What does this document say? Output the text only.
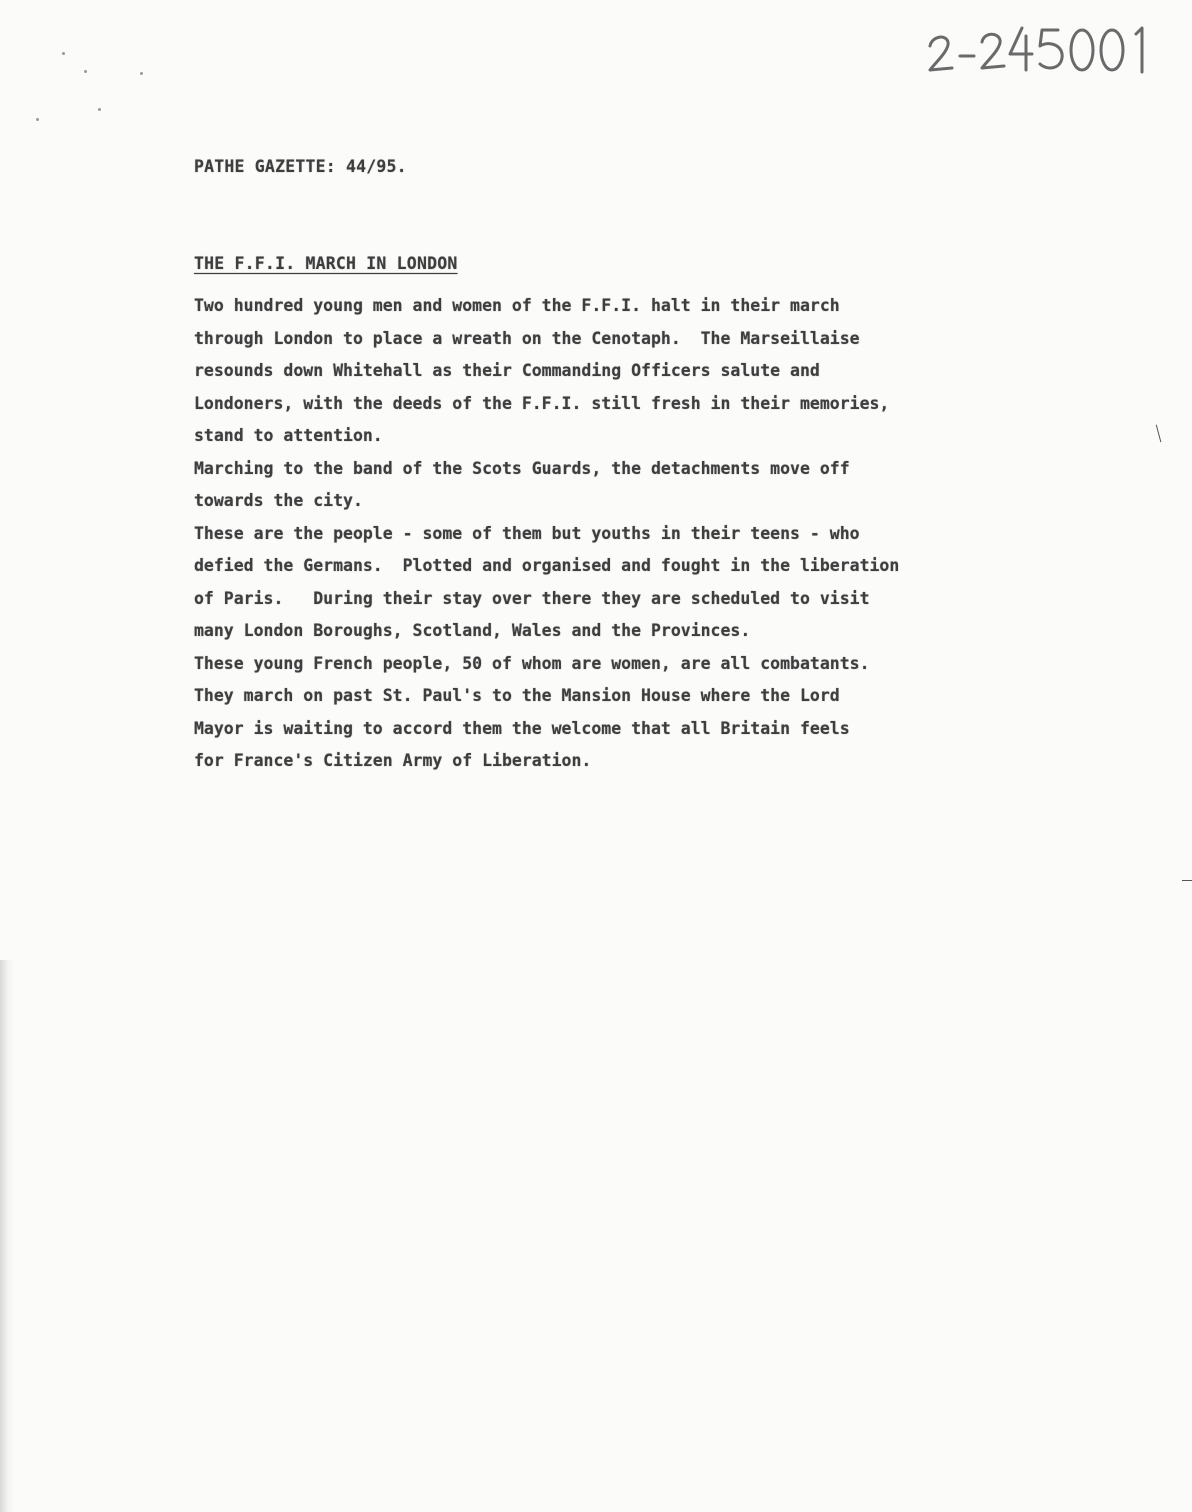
PATHE GAZETTE: 44/95.
THE F.F.I. MARCH IN LONDON
Two hundred young men and women of the F.F.I. halt in their march
through London to place a wreath on the Cenotaph.  The Marseillaise
resounds down Whitehall as their Commanding Officers salute and
Londoners, with the deeds of the F.F.I. still fresh in their memories,
stand to attention.
Marching to the band of the Scots Guards, the detachments move off
towards the city.
These are the people - some of them but youths in their teens - who
defied the Germans.  Plotted and organised and fought in the liberation
of Paris.   During their stay over there they are scheduled to visit
many London Boroughs, Scotland, Wales and the Provinces.
These young French people, 50 of whom are women, are all combatants.
They march on past St. Paul's to the Mansion House where the Lord
Mayor is waiting to accord them the welcome that all Britain feels
for France's Citizen Army of Liberation.
